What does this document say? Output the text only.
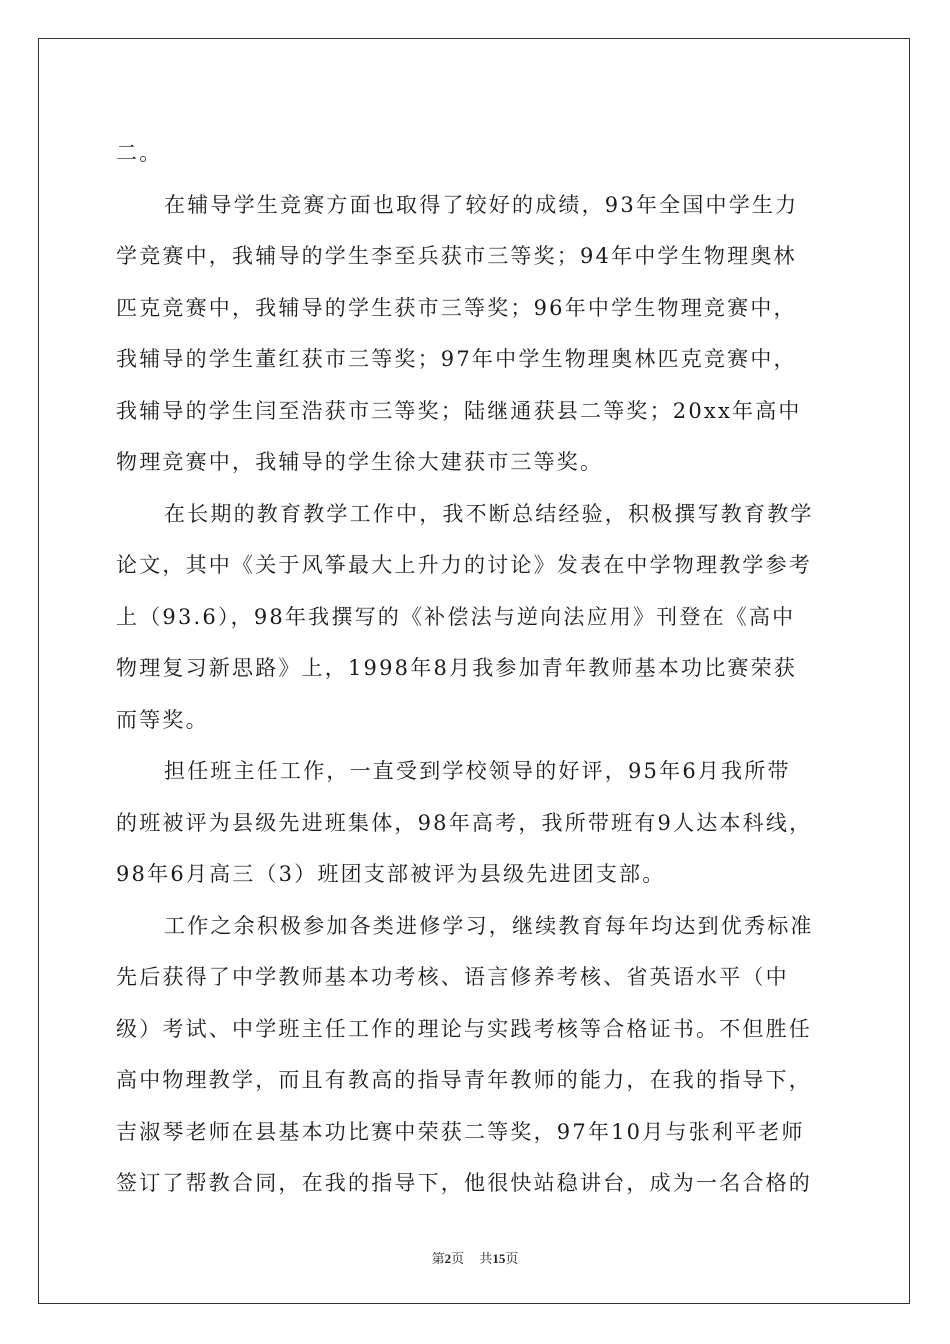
二。
在辅导学生竞赛方面也取得了较好的成绩，93年全国中学生力
学竞赛中，我辅导的学生李至兵获市三等奖；94年中学生物理奥林
匹克竞赛中，我辅导的学生获市三等奖；96年中学生物理竞赛中，
我辅导的学生董红获市三等奖；97年中学生物理奥林匹克竞赛中，
我辅导的学生闫至浩获市三等奖；陆继通获县二等奖；20xx年高中
物理竞赛中，我辅导的学生徐大建获市三等奖。
在长期的教育教学工作中，我不断总结经验，积极撰写教育教学
论文，其中《关于风筝最大上升力的讨论》发表在中学物理教学参考
上（93.6），98年我撰写的《补偿法与逆向法应用》刊登在《高中
物理复习新思路》上，1998年8月我参加青年教师基本功比赛荣获
而等奖。
担任班主任工作，一直受到学校领导的好评，95年6月我所带
的班被评为县级先进班集体，98年高考，我所带班有9人达本科线，
98年6月高三（3）班团支部被评为县级先进团支部。
工作之余积极参加各类进修学习，继续教育每年均达到优秀标准
先后获得了中学教师基本功考核、语言修养考核、省英语水平（中
级）考试、中学班主任工作的理论与实践考核等合格证书。不但胜任
高中物理教学，而且有教高的指导青年教师的能力，在我的指导下，
吉淑琴老师在县基本功比赛中荣获二等奖，97年10月与张利平老师
签订了帮教合同，在我的指导下，他很快站稳讲台，成为一名合格的
第2页 共15页
